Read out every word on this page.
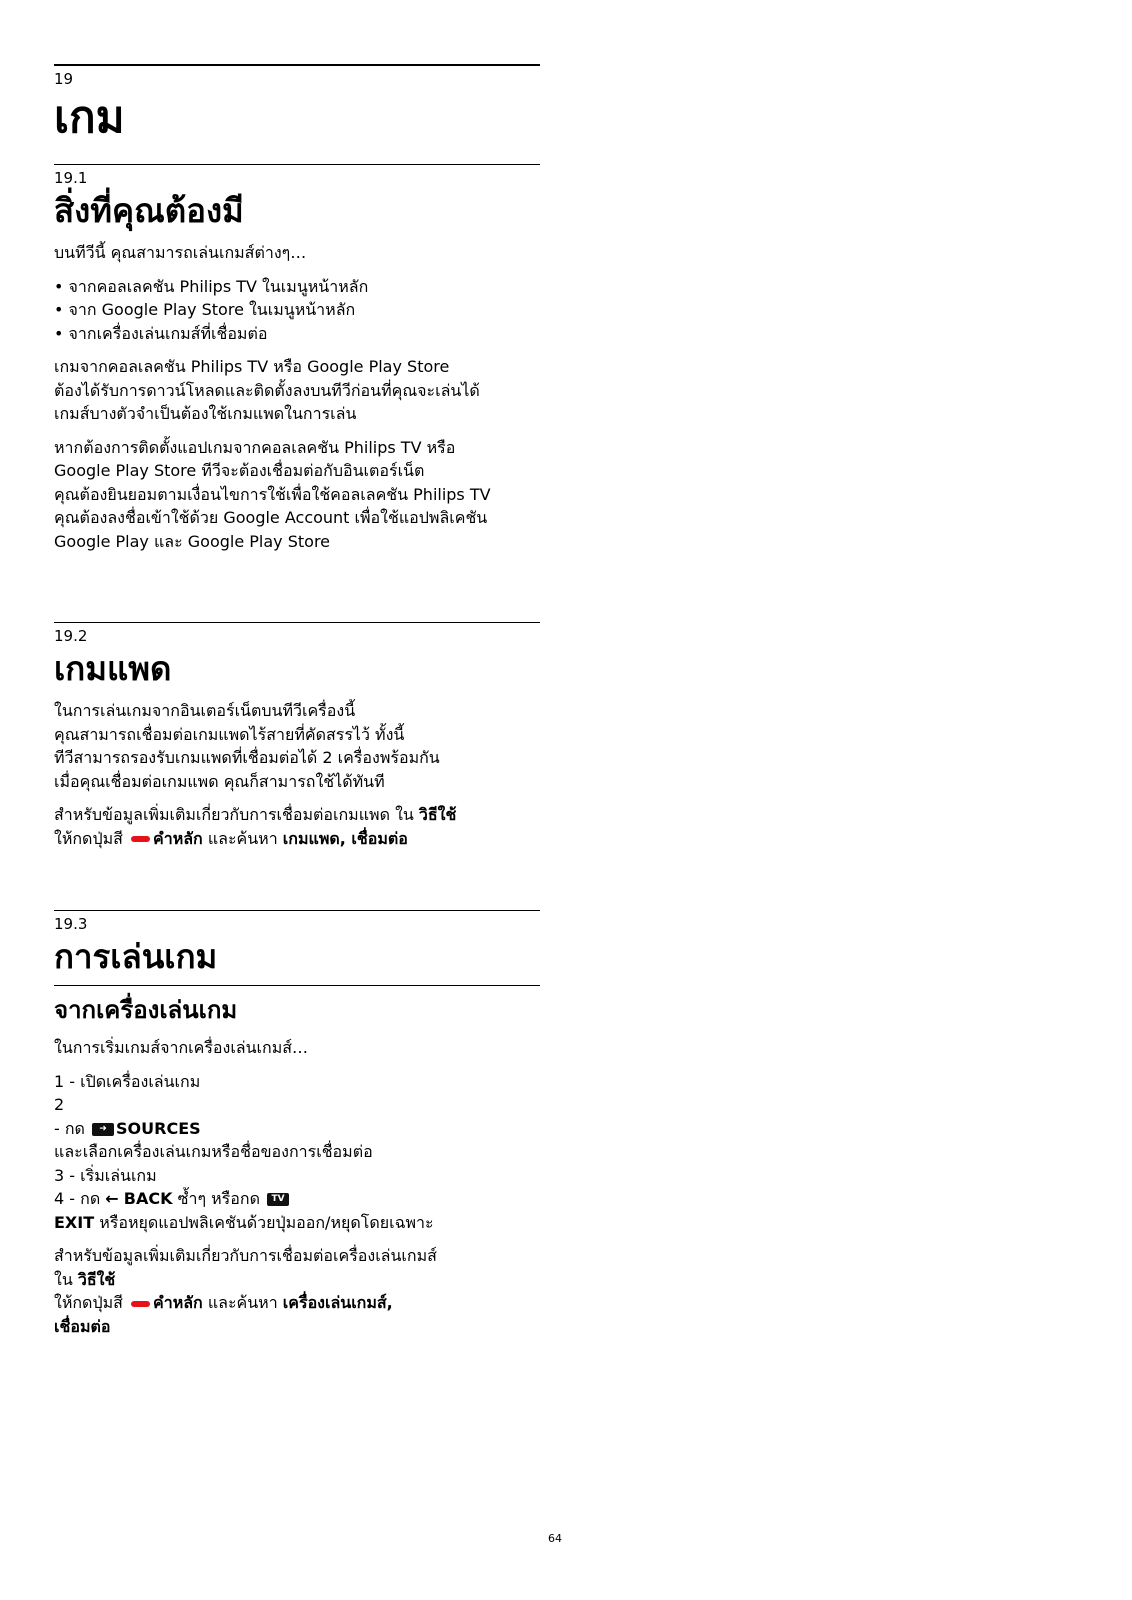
19
เกม
19.1
สิ่งที่คุณต้องมี
บนทีวีนี้ คุณสามารถเล่นเกมส์ต่างๆ…
• จากคอลเลคชัน Philips TV ในเมนูหน้าหลัก
• จาก Google Play Store ในเมนูหน้าหลัก
• จากเครื่องเล่นเกมส์ที่เชื่อมต่อ
เกมจากคอลเลคชัน Philips TV หรือ Google Play Store
ต้องได้รับการดาวน์โหลดและติดตั้งลงบนทีวีก่อนที่คุณจะเล่นได้
เกมส์บางตัวจำเป็นต้องใช้เกมแพดในการเล่น
หากต้องการติดตั้งแอปเกมจากคอลเลคชัน Philips TV หรือ
Google Play Store ทีวีจะต้องเชื่อมต่อกับอินเตอร์เน็ต
คุณต้องยินยอมตามเงื่อนไขการใช้เพื่อใช้คอลเลคชัน Philips TV
คุณต้องลงชื่อเข้าใช้ด้วย Google Account เพื่อใช้แอปพลิเคชัน
Google Play และ Google Play Store
19.2
เกมแพด
ในการเล่นเกมจากอินเตอร์เน็ตบนทีวีเครื่องนี้
คุณสามารถเชื่อมต่อเกมแพดไร้สายที่คัดสรรไว้ ทั้งนี้
ทีวีสามารถรองรับเกมแพดที่เชื่อมต่อได้ 2 เครื่องพร้อมกัน
เมื่อคุณเชื่อมต่อเกมแพด คุณก็สามารถใช้ได้ทันที
สำหรับข้อมูลเพิ่มเติมเกี่ยวกับการเชื่อมต่อเกมแพด ใน วิธีใช้
ให้กดปุ่มสี คำหลัก และค้นหา เกมแพด, เชื่อมต่อ
19.3
การเล่นเกม
จากเครื่องเล่นเกม
ในการเริ่มเกมส์จากเครื่องเล่นเกมส์…
1 - เปิดเครื่องเล่นเกม
2
- กด ➜ SOURCES
และเลือกเครื่องเล่นเกมหรือชื่อของการเชื่อมต่อ
3 - เริ่มเล่นเกม
4 - กด ← BACK ซ้ำๆ หรือกด TV
EXIT หรือหยุดแอปพลิเคชันด้วยปุ่มออก/หยุดโดยเฉพาะ
สำหรับข้อมูลเพิ่มเติมเกี่ยวกับการเชื่อมต่อเครื่องเล่นเกมส์
ใน วิธีใช้
ให้กดปุ่มสี คำหลัก และค้นหา เครื่องเล่นเกมส์,
เชื่อมต่อ
64
